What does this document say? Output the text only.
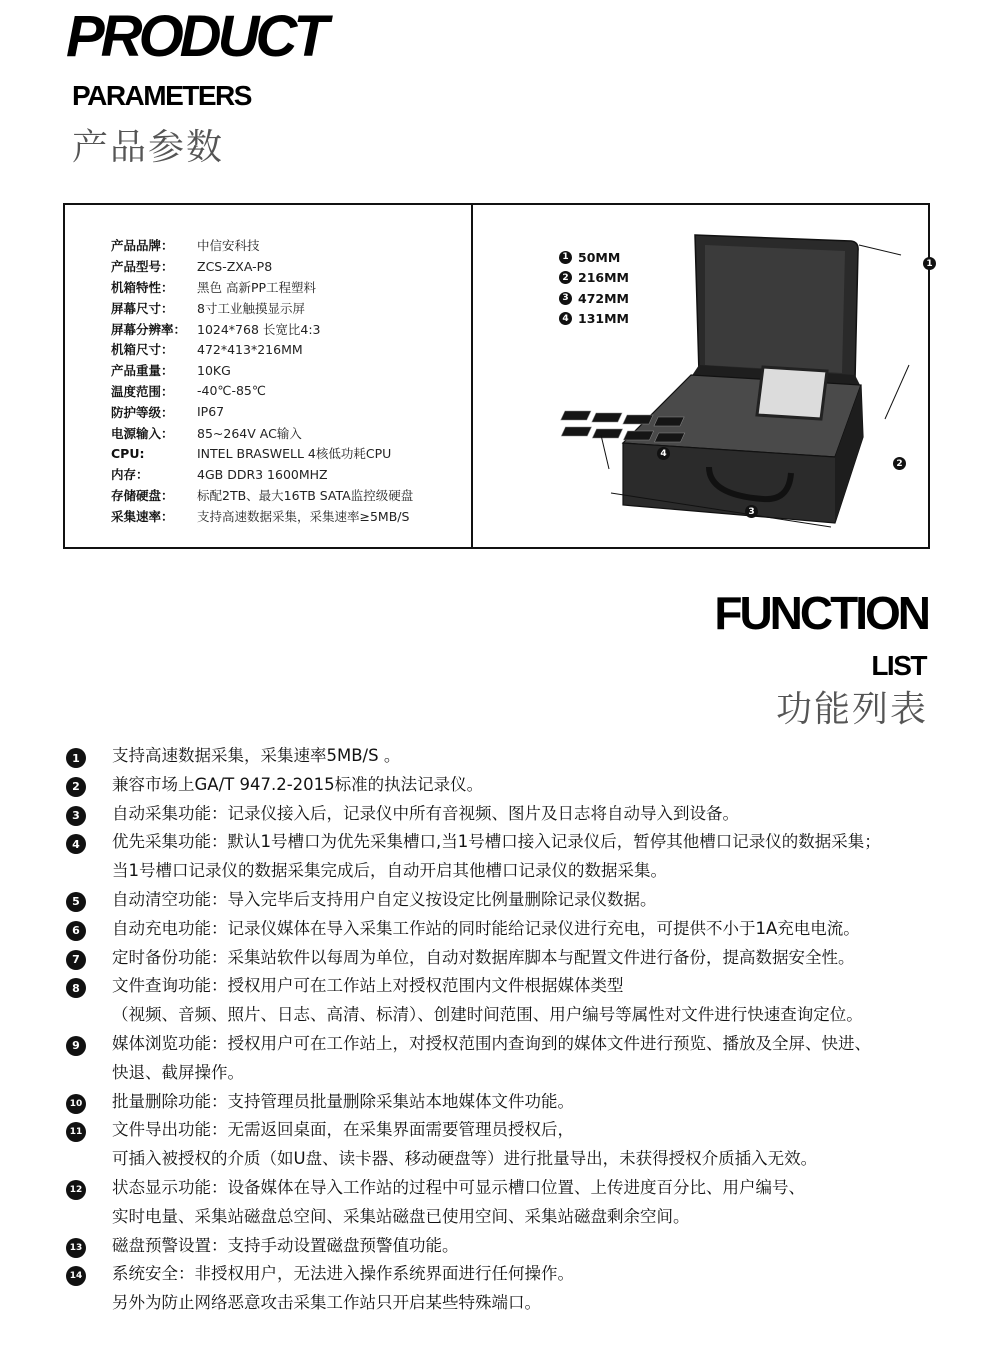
PRODUCT
PARAMETERS
产品参数
产品品牌：	中信安科技
产品型号：	ZCS-ZXA-P8
机箱特性：	黑色 高新PP工程塑料
屏幕尺寸：	8寸工业触摸显示屏
屏幕分辨率： 1024*768 长宽比4:3
机箱尺寸：	472*413*216MM
产品重量：	10KG
温度范围：	-40℃-85℃
防护等级：	IP67
电源输入：	85~264V AC输入
CPU:	INTEL BRASWELL 4核低功耗CPU
内存：	4GB DDR3 1600MHZ
存储硬盘：	标配2TB、最大16TB SATA监控级硬盘
采集速率：	支持高速数据采集，采集速率≥5MB/S
1 50MM
2 216MM
3 472MM
4 131MM
1
2
3
4
FUNCTION
LIST
功能列表
1	支持高速数据采集，采集速率5MB/S 。
2	兼容市场上GA/T 947.2-2015标准的执法记录仪。
3	自动采集功能：记录仪接入后，记录仪中所有音视频、图片及日志将自动导入到设备。
4	优先采集功能：默认1号槽口为优先采集槽口,当1号槽口接入记录仪后，暂停其他槽口记录仪的数据采集；
当1号槽口记录仪的数据采集完成后，自动开启其他槽口记录仪的数据采集。
5	自动清空功能：导入完毕后支持用户自定义按设定比例量删除记录仪数据。
6	自动充电功能：记录仪媒体在导入采集工作站的同时能给记录仪进行充电，可提供不小于1A充电电流。
7	定时备份功能：采集站软件以每周为单位，自动对数据库脚本与配置文件进行备份，提高数据安全性。
8	文件查询功能：授权用户可在工作站上对授权范围内文件根据媒体类型
（视频、音频、照片、日志、高清、标清）、创建时间范围、用户编号等属性对文件进行快速查询定位。
9	媒体浏览功能：授权用户可在工作站上，对授权范围内查询到的媒体文件进行预览、播放及全屏、快进、
快退、截屏操作。
10 批量删除功能：支持管理员批量删除采集站本地媒体文件功能。
11 文件导出功能：无需返回桌面，在采集界面需要管理员授权后，
可插入被授权的介质（如U盘、读卡器、移动硬盘等）进行批量导出，未获得授权介质插入无效。
12 状态显示功能：设备媒体在导入工作站的过程中可显示槽口位置、上传进度百分比、用户编号、
实时电量、采集站磁盘总空间、采集站磁盘已使用空间、采集站磁盘剩余空间。
13 磁盘预警设置：支持手动设置磁盘预警值功能。
14 系统安全：非授权用户，无法进入操作系统界面进行任何操作。
另外为防止网络恶意攻击采集工作站只开启某些特殊端口。
